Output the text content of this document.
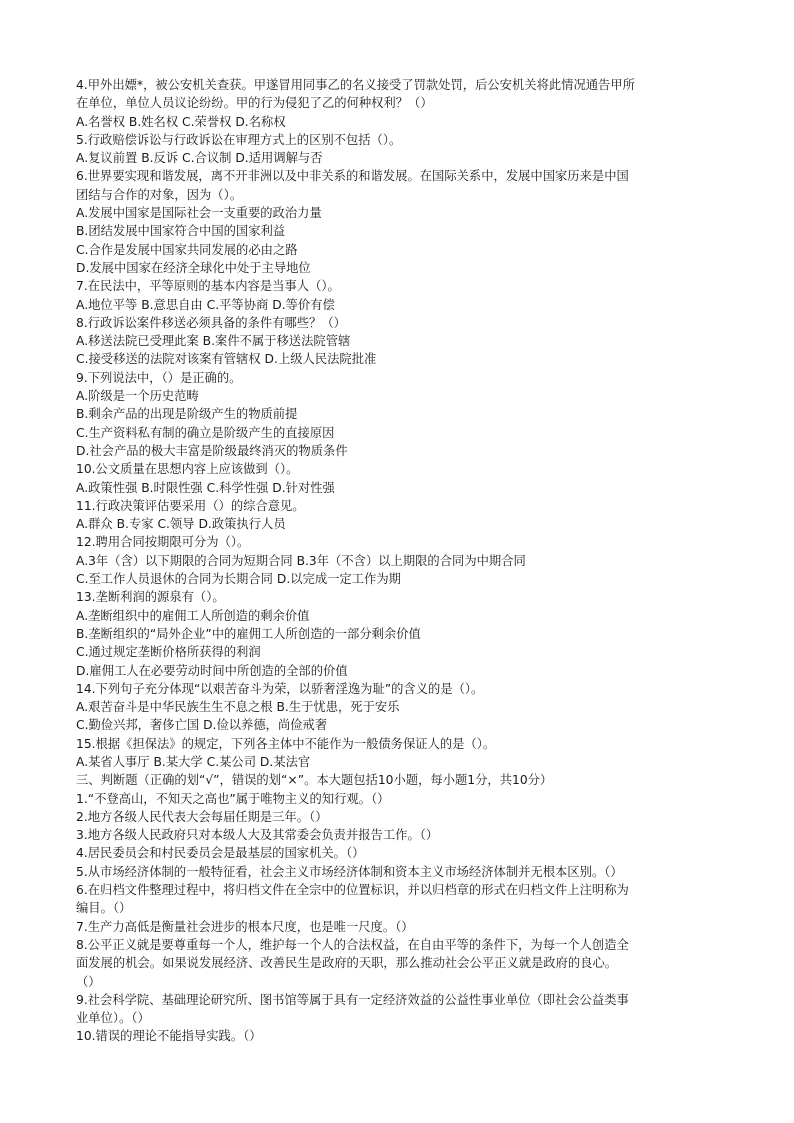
4.甲外出嫖*，被公安机关查获。甲遂冒用同事乙的名义接受了罚款处罚，后公安机关将此情况通告甲所
在单位，单位人员议论纷纷。甲的行为侵犯了乙的何种权利？（）
A.名誉权 B.姓名权 C.荣誉权 D.名称权
5.行政赔偿诉讼与行政诉讼在审理方式上的区别不包括（）。
A.复议前置 B.反诉 C.合议制 D.适用调解与否
6.世界要实现和谐发展，离不开非洲以及中非关系的和谐发展。在国际关系中，发展中国家历来是中国
团结与合作的对象，因为（）。
A.发展中国家是国际社会一支重要的政治力量
B.团结发展中国家符合中国的国家利益
C.合作是发展中国家共同发展的必由之路
D.发展中国家在经济全球化中处于主导地位
7.在民法中，平等原则的基本内容是当事人（）。
A.地位平等 B.意思自由 C.平等协商 D.等价有偿
8.行政诉讼案件移送必须具备的条件有哪些？（）
A.移送法院已受理此案 B.案件不属于移送法院管辖
C.接受移送的法院对该案有管辖权 D.上级人民法院批准
9.下列说法中，（）是正确的。
A.阶级是一个历史范畴
B.剩余产品的出现是阶级产生的物质前提
C.生产资料私有制的确立是阶级产生的直接原因
D.社会产品的极大丰富是阶级最终消灭的物质条件
10.公文质量在思想内容上应该做到（）。
A.政策性强 B.时限性强 C.科学性强 D.针对性强
11.行政决策评估要采用（）的综合意见。
A.群众 B.专家 C.领导 D.政策执行人员
12.聘用合同按期限可分为（）。
A.3年（含）以下期限的合同为短期合同 B.3年（不含）以上期限的合同为中期合同
C.至工作人员退休的合同为长期合同 D.以完成一定工作为期
13.垄断利润的源泉有（）。
A.垄断组织中的雇佣工人所创造的剩余价值
B.垄断组织的“局外企业”中的雇佣工人所创造的一部分剩余价值
C.通过规定垄断价格所获得的利润
D.雇佣工人在必要劳动时间中所创造的全部的价值
14.下列句子充分体现“以艰苦奋斗为荣，以骄奢淫逸为耻”的含义的是（）。
A.艰苦奋斗是中华民族生生不息之根 B.生于忧患，死于安乐
C.勤俭兴邦，奢侈亡国 D.俭以养德，尚俭戒奢
15.根据《担保法》的规定，下列各主体中不能作为一般债务保证人的是（）。
A.某省人事厅 B.某大学 C.某公司 D.某法官
三、判断题（正确的划“√”，错误的划“×”。本大题包括10小题，每小题1分，共10分）
1.“不登高山，不知天之高也”属于唯物主义的知行观。（）
2.地方各级人民代表大会每届任期是三年。（）
3.地方各级人民政府只对本级人大及其常委会负责并报告工作。（）
4.居民委员会和村民委员会是最基层的国家机关。（）
5.从市场经济体制的一般特征看，社会主义市场经济体制和资本主义市场经济体制并无根本区别。（）
6.在归档文件整理过程中，将归档文件在全宗中的位置标识，并以归档章的形式在归档文件上注明称为
编目。（）
7.生产力高低是衡量社会进步的根本尺度，也是唯一尺度。（）
8.公平正义就是要尊重每一个人，维护每一个人的合法权益，在自由平等的条件下，为每一个人创造全
面发展的机会。如果说发展经济、改善民生是政府的天职，那么推动社会公平正义就是政府的良心。
（）
9.社会科学院、基础理论研究所、图书馆等属于具有一定经济效益的公益性事业单位（即社会公益类事
业单位）。（）
10.错误的理论不能指导实践。（）
